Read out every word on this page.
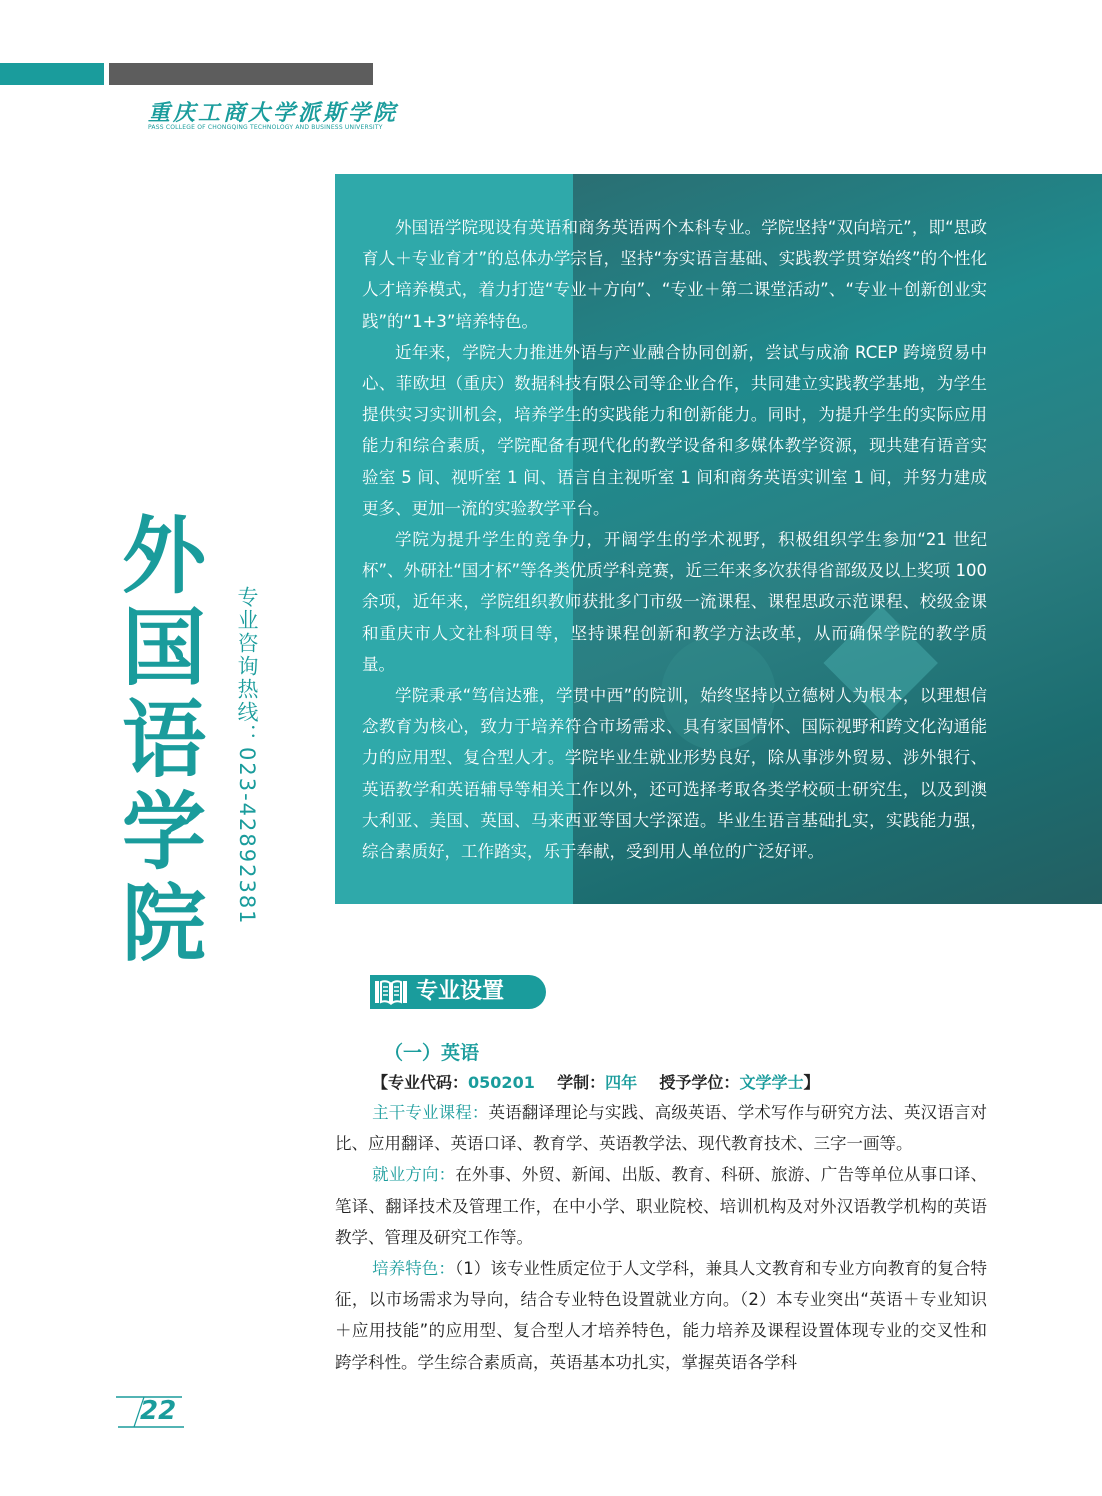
重庆工商大学派斯学院
PASS COLLEGE OF CHONGQING TECHNOLOGY AND BUSINESS UNIVERSITY
外
国
语
学
院 专业咨询热线：023-42892381	◆
●

外国语学院现设有英语和商务英语两个本科专业。学院坚持“双向培元”，即“思政育人＋专业育才”的总体办学宗旨，坚持“夯实语言基础、实践教学贯穿始终”的个性化人才培养模式，着力打造“专业＋方向”、“专业＋第二课堂活动”、“专业＋创新创业实践”的“1+3”培养特色。

近年来，学院大力推进外语与产业融合协同创新，尝试与成渝 RCEP 跨境贸易中心、菲欧坦（重庆）数据科技有限公司等企业合作，共同建立实践教学基地，为学生提供实习实训机会，培养学生的实践能力和创新能力。同时，为提升学生的实际应用能力和综合素质，学院配备有现代化的教学设备和多媒体教学资源，现共建有语音实验室 5 间、视听室 1 间、语言自主视听室 1 间和商务英语实训室 1 间，并努力建成更多、更加一流的实验教学平台。

学院为提升学生的竞争力，开阔学生的学术视野，积极组织学生参加“21 世纪杯”、外研社“国才杯”等各类优质学科竞赛，近三年来多次获得省部级及以上奖项 100 余项，近年来，学院组织教师获批多门市级一流课程、课程思政示范课程、校级金课和重庆市人文社科项目等，坚持课程创新和教学方法改革，从而确保学院的教学质量。

学院秉承“笃信达雅，学贯中西”的院训，始终坚持以立德树人为根本，以理想信念教育为核心，致力于培养符合市场需求、具有家国情怀、国际视野和跨文化沟通能力的应用型、复合型人才。学院毕业生就业形势良好，除从事涉外贸易、涉外银行、英语教学和英语辅导等相关工作以外，还可选择考取各类学校硕士研究生，以及到澳大利亚、美国、英国、马来西亚等国大学深造。毕业生语言基础扎实，实践能力强，综合素质好，工作踏实，乐于奉献，受到用人单位的广泛好评。

专业设置
（一）英语
【专业代码：050201 学制：四年 授予学位：文学学士】

主干专业课程：英语翻译理论与实践、高级英语、学术写作与研究方法、英汉语言对比、应用翻译、英语口译、教育学、英语教学法、现代教育技术、三字一画等。

就业方向：在外事、外贸、新闻、出版、教育、科研、旅游、广告等单位从事口译、笔译、翻译技术及管理工作，在中小学、职业院校、培训机构及对外汉语教学机构的英语教学、管理及研究工作等。

培养特色：（1）该专业性质定位于人文学科，兼具人文教育和专业方向教育的复合特征，以市场需求为导向，结合专业特色设置就业方向。（2）本专业突出“英语＋专业知识＋应用技能”的应用型、复合型人才培养特色，能力培养及课程设置体现专业的交叉性和跨学科性。学生综合素质高，英语基本功扎实，掌握英语各学科

22
